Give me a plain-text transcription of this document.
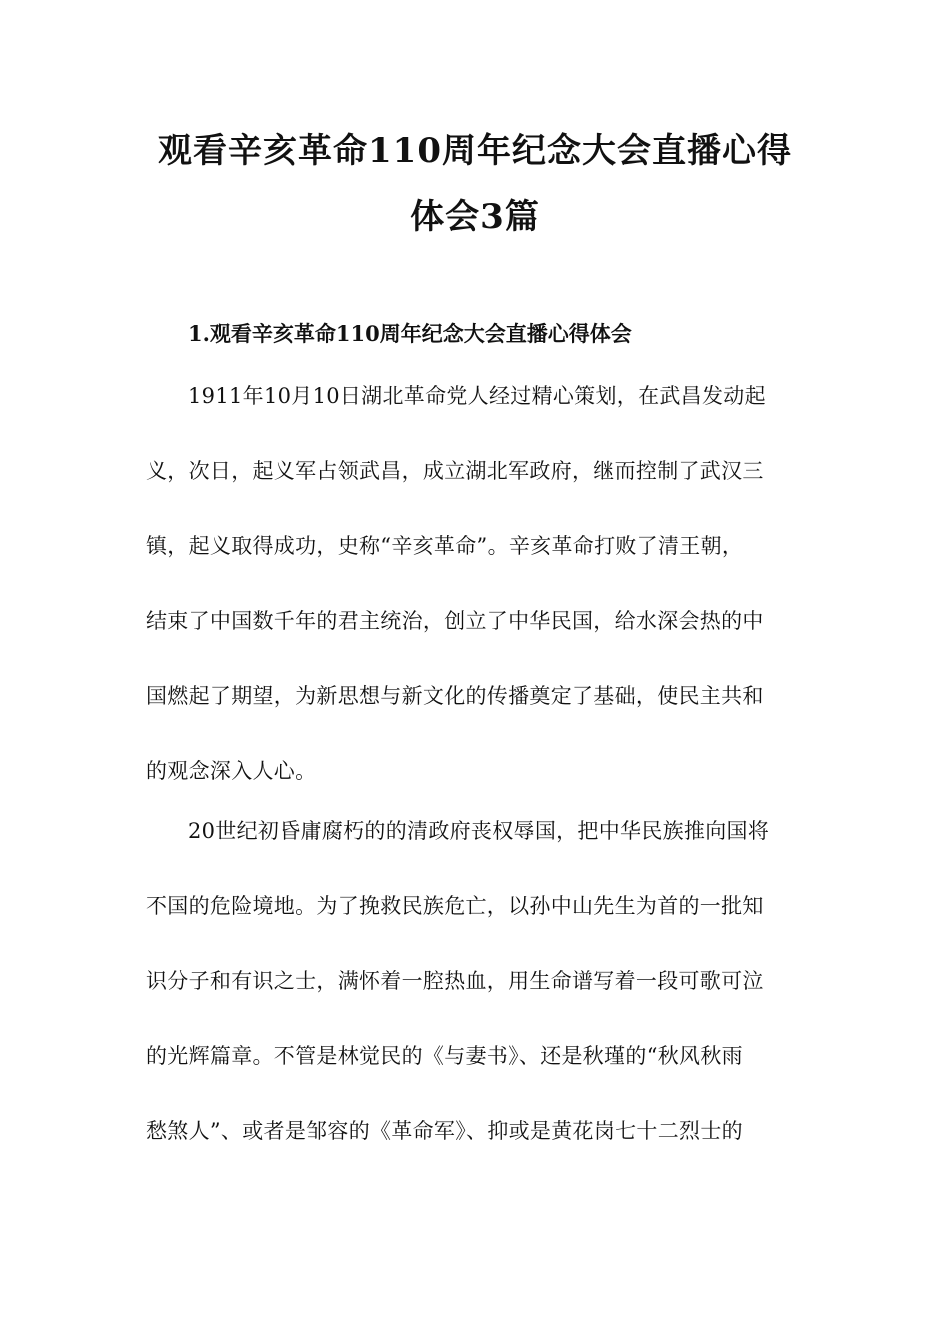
观看辛亥革命110周年纪念大会直播心得
体会3篇
1.观看辛亥革命110周年纪念大会直播心得体会
1911年10月10日湖北革命党人经过精心策划，在武昌发动起
义，次日，起义军占领武昌，成立湖北军政府，继而控制了武汉三
镇，起义取得成功，史称“辛亥革命”。辛亥革命打败了清王朝，
结束了中国数千年的君主统治，创立了中华民国，给水深会热的中
国燃起了期望，为新思想与新文化的传播奠定了基础，使民主共和
的观念深入人心。
20世纪初昏庸腐朽的的清政府丧权辱国，把中华民族推向国将
不国的危险境地。为了挽救民族危亡，以孙中山先生为首的一批知
识分子和有识之士，满怀着一腔热血，用生命谱写着一段可歌可泣
的光辉篇章。不管是林觉民的《与妻书》、还是秋瑾的“秋风秋雨
愁煞人”、或者是邹容的《革命军》、抑或是黄花岗七十二烈士的
